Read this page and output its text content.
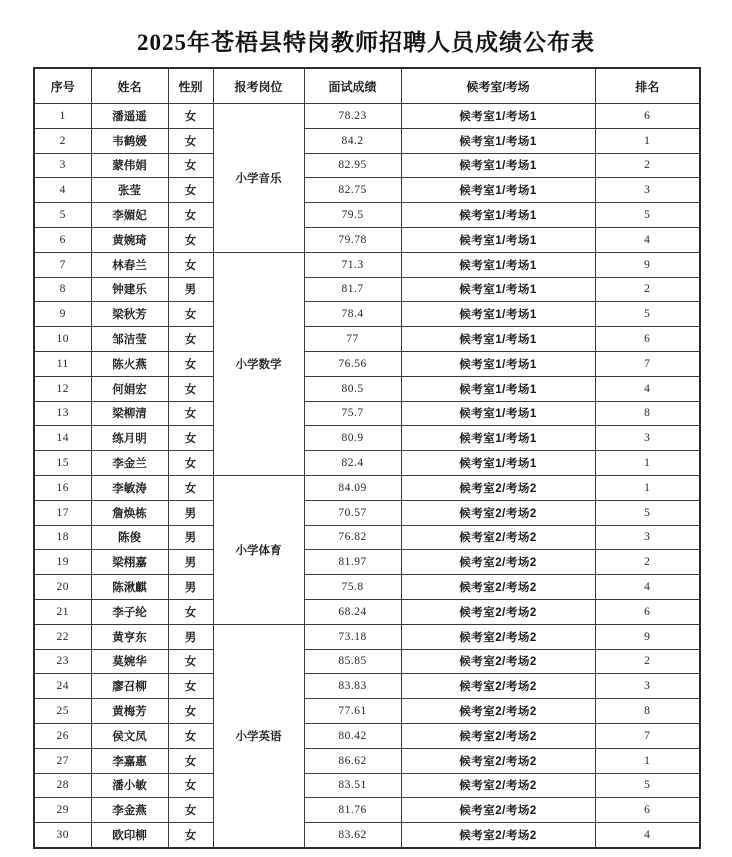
2025年苍梧县特岗教师招聘人员成绩公布表
序号	姓名	性别	报考岗位	面试成绩	候考室/考场	排名
1	潘遥遥	女	小学音乐	78.23	候考室1/考场1	6
2	韦鹤媛	女		84.2	候考室1/考场1	1
3	蒙伟娟	女		82.95	候考室1/考场1	2
4	张莹	女		82.75	候考室1/考场1	3
5	李媚妃	女		79.5	候考室1/考场1	5
6	黄婉琦	女		79.78	候考室1/考场1	4
7	林春兰	女	小学数学	71.3	候考室1/考场1	9
8	钟建乐	男		81.7	候考室1/考场1	2
9	梁秋芳	女		78.4	候考室1/考场1	5
10	邹洁莹	女		77	候考室1/考场1	6
11	陈火燕	女		76.56	候考室1/考场1	7
12	何娟宏	女		80.5	候考室1/考场1	4
13	梁柳清	女		75.7	候考室1/考场1	8
14	练月明	女		80.9	候考室1/考场1	3
15	李金兰	女		82.4	候考室1/考场1	1
16	李敏涛	女	小学体育	84.09	候考室2/考场2	1
17	詹焕栋	男		70.57	候考室2/考场2	5
18	陈俊	男		76.82	候考室2/考场2	3
19	梁栩嘉	男		81.97	候考室2/考场2	2
20	陈湫麒	男		75.8	候考室2/考场2	4
21	李子纶	女		68.24	候考室2/考场2	6
22	黄亨东	男	小学英语	73.18	候考室2/考场2	9
23	莫婉华	女		85.85	候考室2/考场2	2
24	廖召柳	女		83.83	候考室2/考场2	3
25	黄梅芳	女		77.61	候考室2/考场2	8
26	侯文凤	女		80.42	候考室2/考场2	7
27	李嘉惠	女		86.62	候考室2/考场2	1
28	潘小敏	女		83.51	候考室2/考场2	5
29	李金燕	女		81.76	候考室2/考场2	6
30	欧印柳	女		83.62	候考室2/考场2	4
